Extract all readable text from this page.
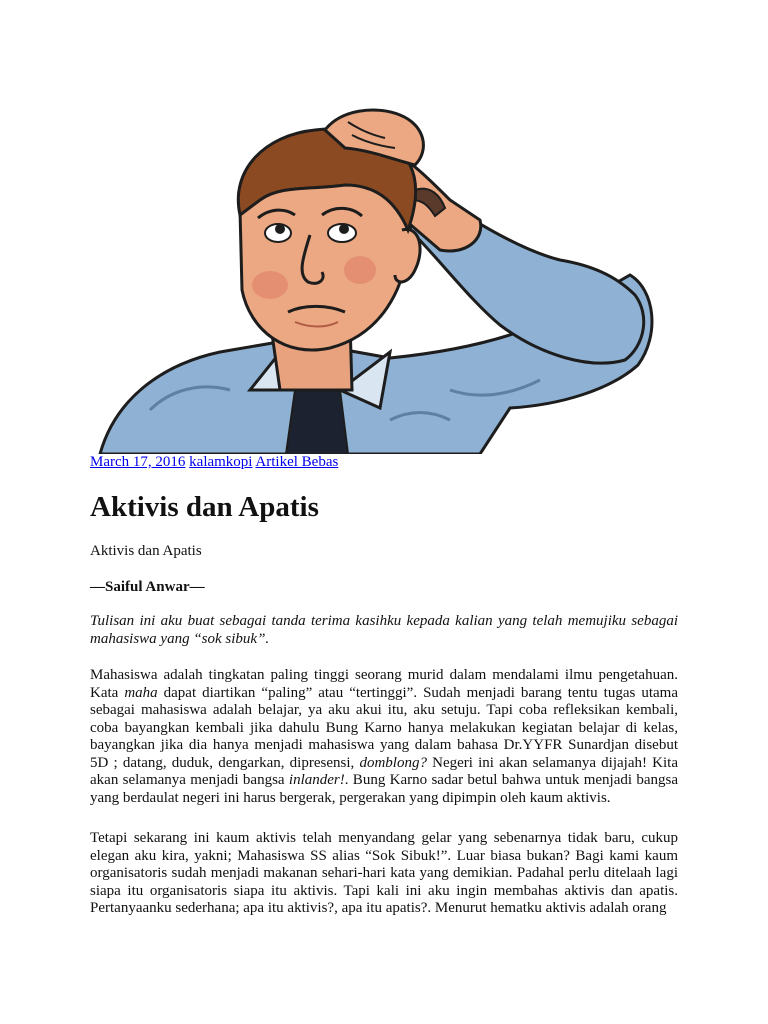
March 17, 2016 kalamkopi Artikel Bebas
Aktivis dan Apatis
Aktivis dan Apatis
—Saiful Anwar—

Tulisan ini aku buat sebagai tanda terima kasihku kepada kalian yang telah memujiku sebagai mahasiswa yang “sok sibuk”.

Mahasiswa adalah tingkatan paling tinggi seorang murid dalam mendalami ilmu pengetahuan. Kata maha dapat diartikan “paling” atau “tertinggi”. Sudah menjadi barang tentu tugas utama sebagai mahasiswa adalah belajar, ya aku akui itu, aku setuju. Tapi coba refleksikan kembali, coba bayangkan kembali jika dahulu Bung Karno hanya melakukan kegiatan belajar di kelas, bayangkan jika dia hanya menjadi mahasiswa yang dalam bahasa Dr.YYFR Sunardjan disebut 5D ; datang, duduk, dengarkan, dipresensi, domblong? Negeri ini akan selamanya dijajah! Kita akan selamanya menjadi bangsa inlander!. Bung Karno sadar betul bahwa untuk menjadi bangsa yang berdaulat negeri ini harus bergerak, pergerakan yang dipimpin oleh kaum aktivis.

Tetapi sekarang ini kaum aktivis telah menyandang gelar yang sebenarnya tidak baru, cukup elegan aku kira, yakni; Mahasiswa SS alias “Sok Sibuk!”. Luar biasa bukan? Bagi kami kaum organisatoris sudah menjadi makanan sehari-hari kata yang demikian. Padahal perlu ditelaah lagi siapa itu organisatoris siapa itu aktivis. Tapi kali ini aku ingin membahas aktivis dan apatis. Pertanyaanku sederhana; apa itu aktivis?, apa itu apatis?. Menurut hematku aktivis adalah orang
